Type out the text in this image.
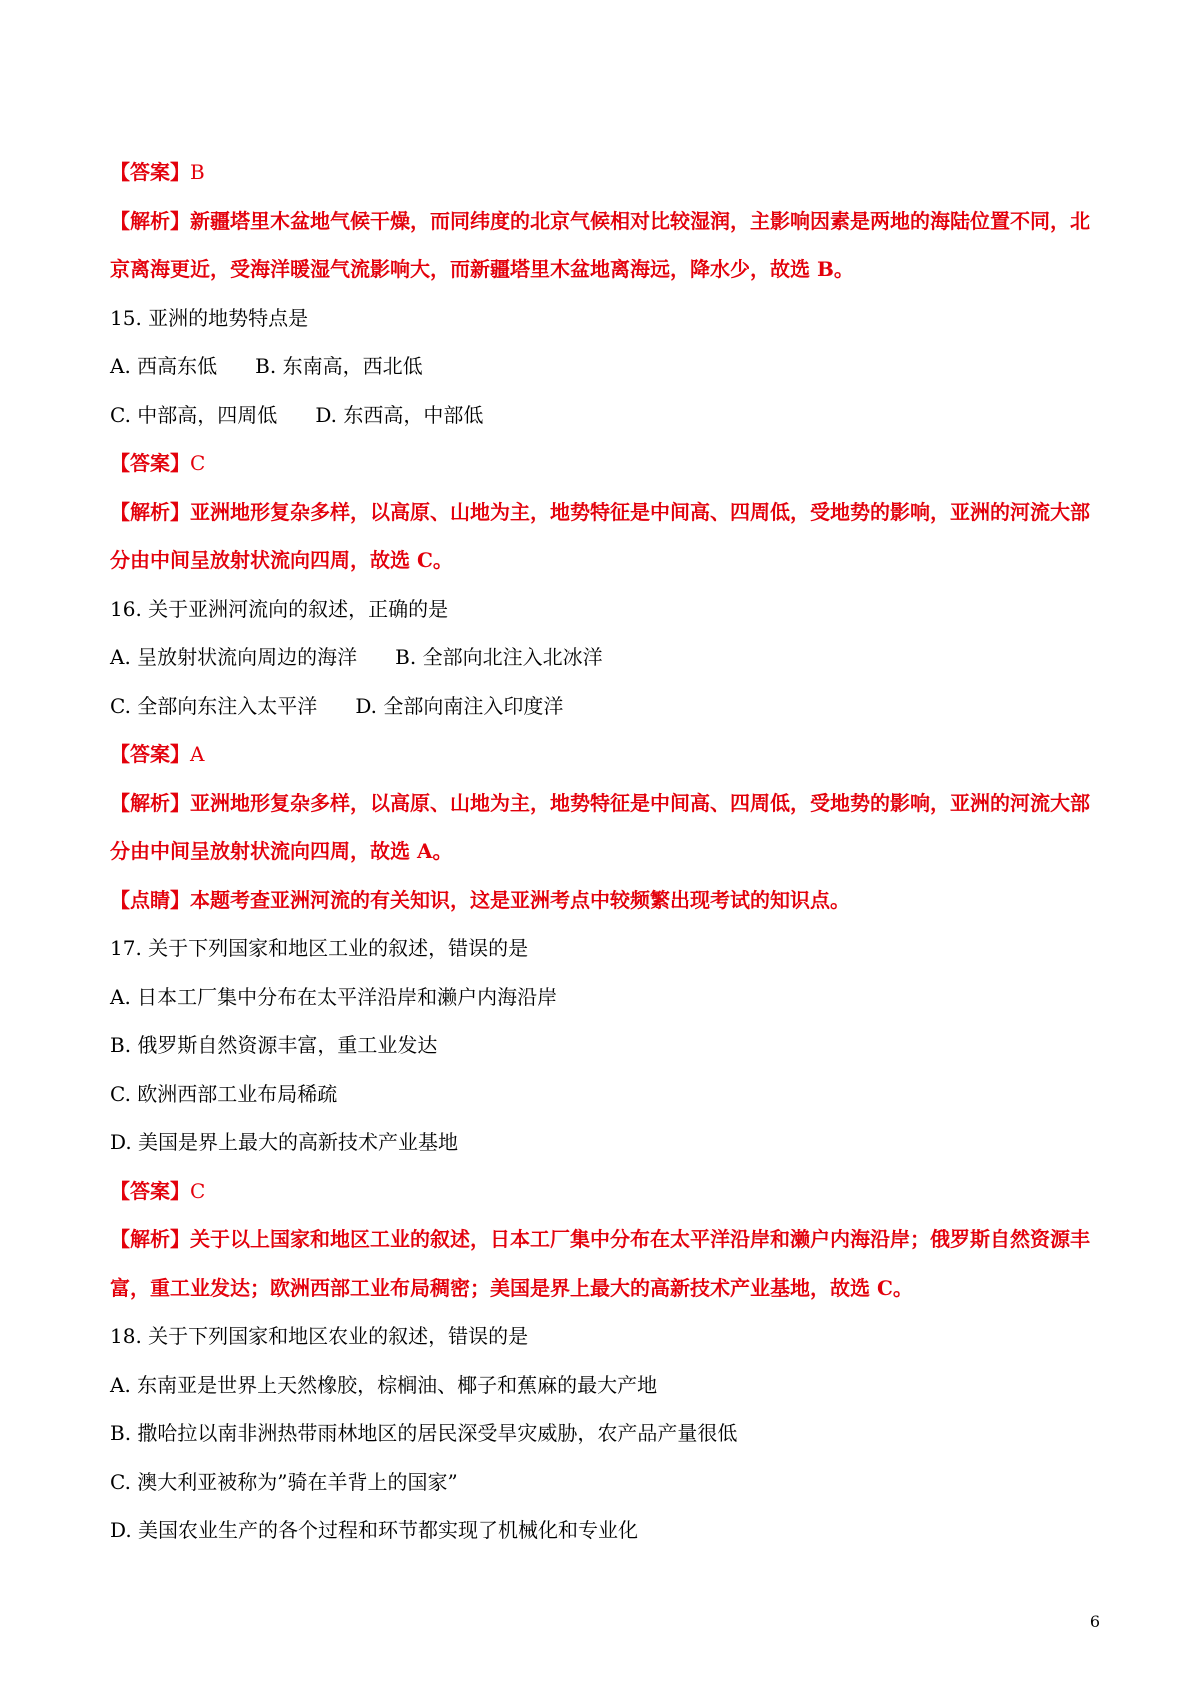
【答案】B
【解析】新疆塔里木盆地气候干燥，而同纬度的北京气候相对比较湿润，主影响因素是两地的海陆位置不同，北京离海更近，受海洋暖湿气流影响大，而新疆塔里木盆地离海远，降水少，故选 B。
15. 亚洲的地势特点是
A. 西高东低 B. 东南高，西北低
C. 中部高，四周低 D. 东西高，中部低
【答案】C
【解析】亚洲地形复杂多样，以高原、山地为主，地势特征是中间高、四周低，受地势的影响，亚洲的河流大部分由中间呈放射状流向四周，故选 C。
16. 关于亚洲河流向的叙述，正确的是
A. 呈放射状流向周边的海洋 B. 全部向北注入北冰洋
C. 全部向东注入太平洋 D. 全部向南注入印度洋
【答案】A
【解析】亚洲地形复杂多样，以高原、山地为主，地势特征是中间高、四周低，受地势的影响，亚洲的河流大部分由中间呈放射状流向四周，故选 A。
【点睛】本题考查亚洲河流的有关知识，这是亚洲考点中较频繁出现考试的知识点。
17. 关于下列国家和地区工业的叙述，错误的是
A. 日本工厂集中分布在太平洋沿岸和濑户内海沿岸
B. 俄罗斯自然资源丰富，重工业发达
C. 欧洲西部工业布局稀疏
D. 美国是界上最大的高新技术产业基地
【答案】C
【解析】关于以上国家和地区工业的叙述，日本工厂集中分布在太平洋沿岸和濑户内海沿岸；俄罗斯自然资源丰富，重工业发达；欧洲西部工业布局稠密；美国是界上最大的高新技术产业基地，故选 C。
18. 关于下列国家和地区农业的叙述，错误的是
A. 东南亚是世界上天然橡胶，棕榈油、椰子和蕉麻的最大产地
B. 撒哈拉以南非洲热带雨林地区的居民深受旱灾威胁，农产品产量很低
C. 澳大利亚被称为”骑在羊背上的国家”
D. 美国农业生产的各个过程和环节都实现了机械化和专业化
6
